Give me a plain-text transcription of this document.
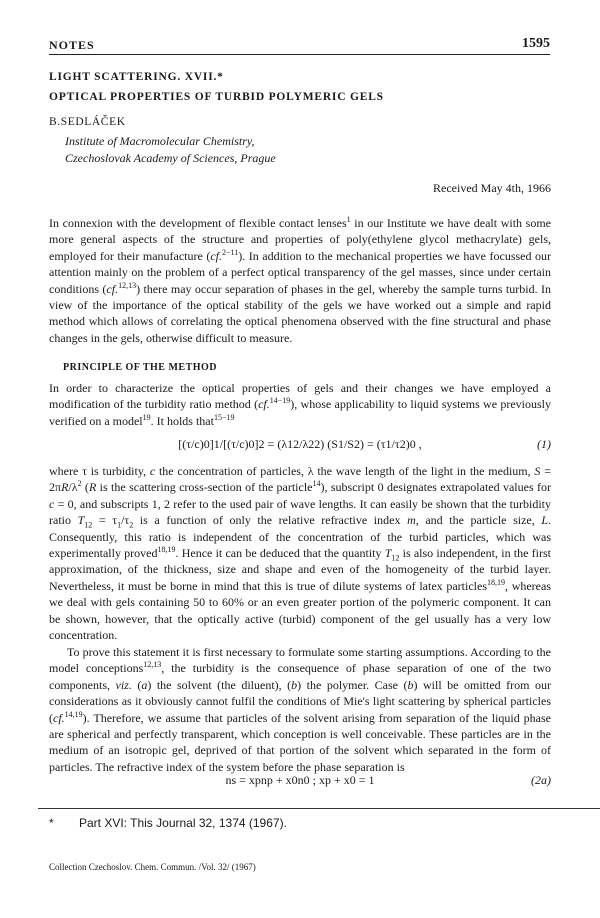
NOTES	1595
LIGHT SCATTERING. XVII.*
OPTICAL PROPERTIES OF TURBID POLYMERIC GELS
B.SEDLÁČEK
Institute of Macromolecular Chemistry,
Czechoslovak Academy of Sciences, Prague
Received May 4th, 1966

In connexion with the development of flexible contact lenses$^1$ in our Institute we have dealt with some more general aspects of the structure and properties of poly(ethylene glycol methacrylate) gels, employed for their manufacture (cf.$^{2-11}$). In addition to the mechanical properties we have focussed our attention mainly on the problem of a perfect optical transparency of the gel masses, since under certain conditions (cf.$^{12,13}$) there may occur separation of phases in the gel, whereby the sample turns turbid. In view of the importance of the optical stability of the gels we have worked out a simple and rapid method which allows of correlating the optical phenomena observed with the fine structural and phase changes in the gels, otherwise difficult to measure.

PRINCIPLE OF THE METHOD

In order to characterize the optical properties of gels and their changes we have employed a modification of the turbidity ratio method (cf.$^{14-19}$), whose applicability to liquid systems we previously verified on a model$^{19}$. It holds that$^{15-19}$

[(τ/c)0]1/[(τ/c)0]2 = (λ12/λ22) (S1/S2) = (τ1/τ2)0 ,	(1)

where τ is turbidity, c the concentration of particles, λ the wave length of the light in the medium, $S = 2\pi R/\lambda^2$ (R is the scattering cross-section of the particle$^{14}$), subscript 0 designates extrapolated values for c = 0, and subscripts 1, 2 refer to the used pair of wave lengths. It can easily be shown that the turbidity ratio $T_{12} = \tau_1/\tau_2$ is a function of only the relative refractive index m, and the particle size, L. Consequently, this ratio is independent of the concentration of the turbid particles, which was experimentally proved$^{18,19}$. Hence it can be deduced that the quantity $T_{12}$ is also independent, in the first approximation, of the thickness, size and shape and even of the homogeneity of the turbid layer. Nevertheless, it must be borne in mind that this is true of dilute systems of latex particles$^{18,19}$, whereas we deal with gels containing 50 to 60% or an even greater portion of the polymeric component. It can be shown, however, that the optically active (turbid) component of the gel usually has a very low concentration.

To prove this statement it is first necessary to formulate some starting assumptions. According to the model conceptions$^{12,13}$, the turbidity is the consequence of phase separation of one of the two components, viz. (a) the solvent (the diluent), (b) the polymer. Case (b) will be omitted from our considerations as it obviously cannot fulfil the conditions of Mie's light scattering by spherical particles (cf.$^{14,19}$). Therefore, we assume that particles of the solvent arising from separation of the liquid phase are spherical and perfectly transparent, which conception is well conceivable. These particles are in the medium of an isotropic gel, deprived of that portion of the solvent which separated in the form of particles. The refractive index of the system before the phase separation is

ns = xpnp + x0n0 ; xp + x0 = 1	(2a)
* Part XVI: This Journal 32, 1374 (1967).
Collection Czechoslov. Chem. Commun. /Vol. 32/ (1967)
